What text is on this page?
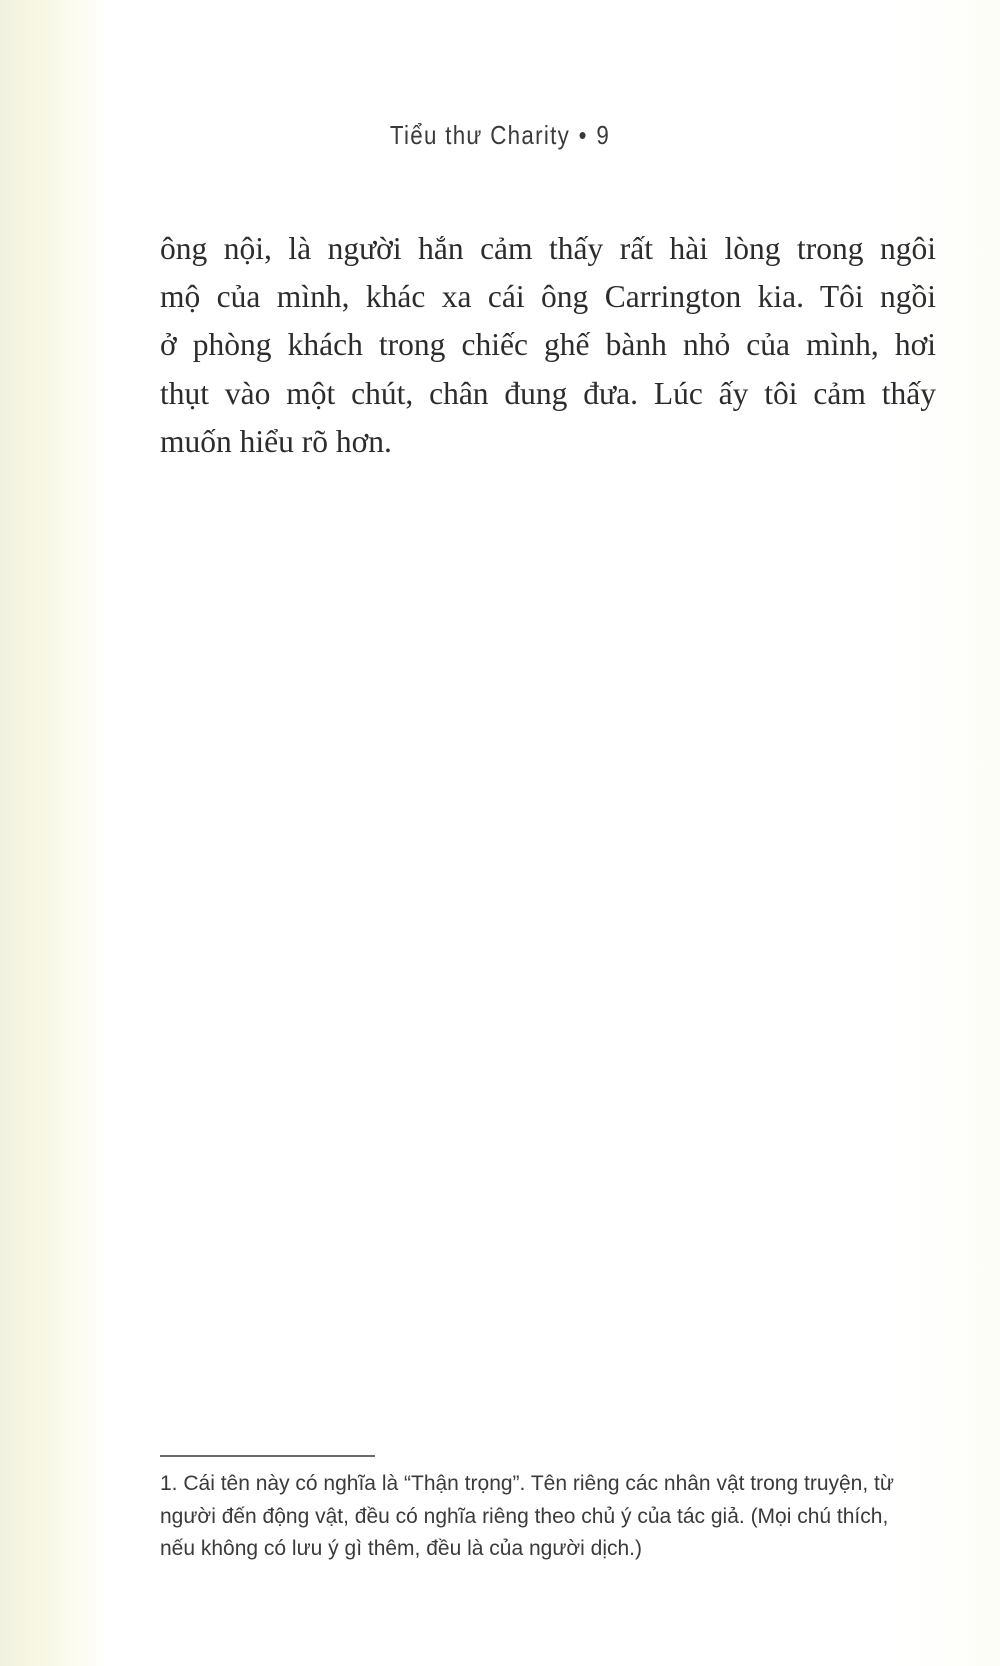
Tiểu thư Charity • 9
ông nội, là người hắn cảm thấy rất hài lòng trong ngôi
mộ của mình, khác xa cái ông Carrington kia. Tôi ngồi
ở phòng khách trong chiếc ghế bành nhỏ của mình, hơi
thụt vào một chút, chân đung đưa. Lúc ấy tôi cảm thấy
muốn hiểu rõ hơn.
1. Cái tên này có nghĩa là “Thận trọng”. Tên riêng các nhân vật trong truyện, từ
người đến động vật, đều có nghĩa riêng theo chủ ý của tác giả. (Mọi chú thích,
nếu không có lưu ý gì thêm, đều là của người dịch.)
